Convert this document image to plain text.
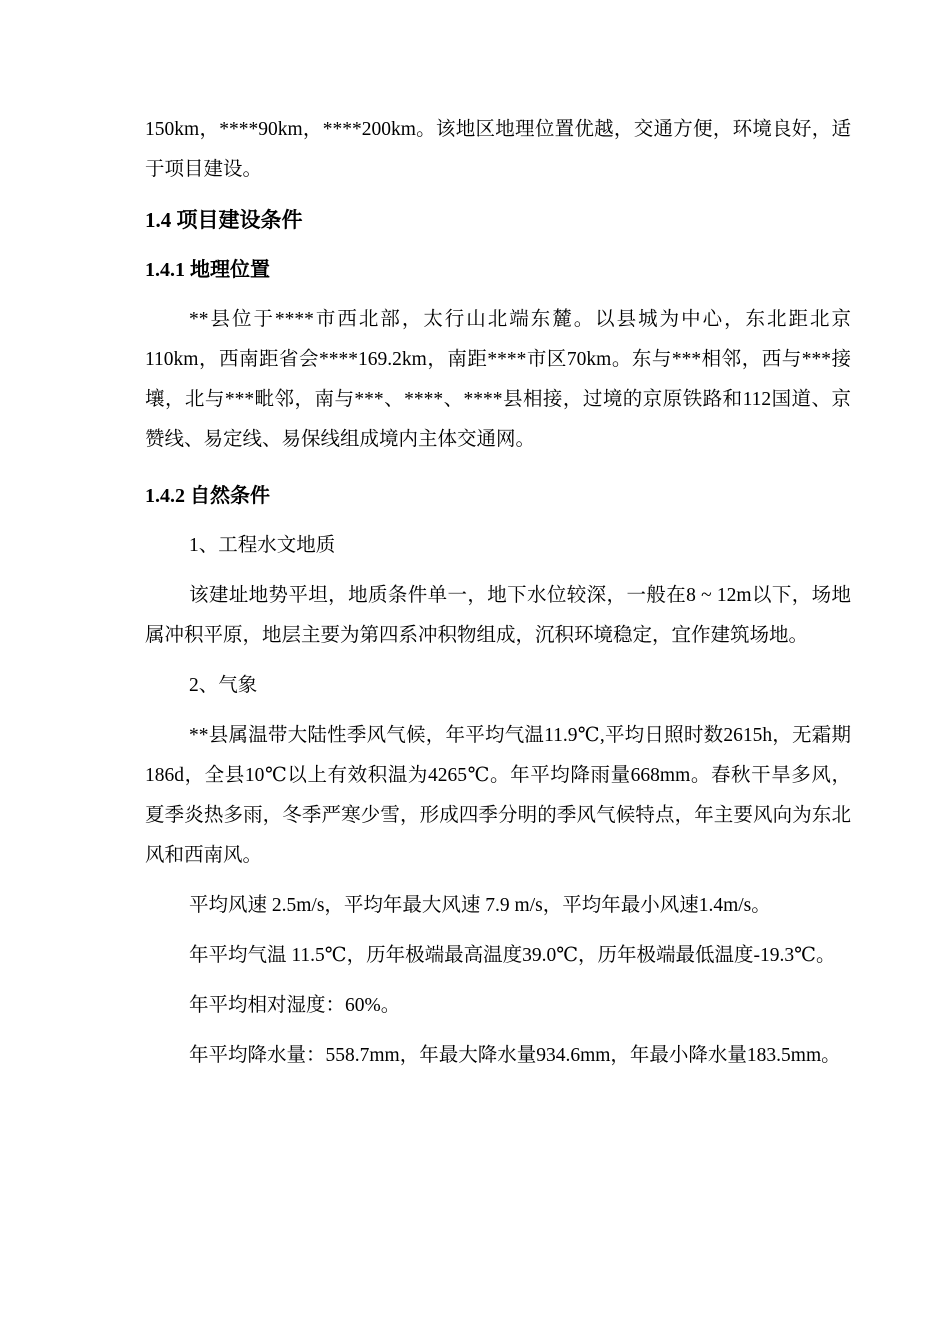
150km，****90km，****200km。该地区地理位置优越，交通方便，环境良好，适于项目建设。

1.4 项目建设条件
1.4.1 地理位置

**县位于****市西北部，太行山北端东麓。以县城为中心，东北距北京110km，西南距省会****169.2km，南距****市区70km。东与***相邻，西与***接壤，北与***毗邻，南与***、****、****县相接，过境的京原铁路和112国道、京赞线、易定线、易保线组成境内主体交通网。

1.4.2 自然条件

1、工程水文地质

该建址地势平坦，地质条件单一，地下水位较深，一般在8 ~ 12m以下，场地属冲积平原，地层主要为第四系冲积物组成，沉积环境稳定，宜作建筑场地。

2、气象

**县属温带大陆性季风气候，年平均气温11.9℃,平均日照时数2615h，无霜期186d，全县10℃以上有效积温为4265℃。年平均降雨量668mm。春秋干旱多风，夏季炎热多雨，冬季严寒少雪，形成四季分明的季风气候特点，年主要风向为东北风和西南风。

平均风速 2.5m/s，平均年最大风速 7.9 m/s，平均年最小风速1.4m/s。

年平均气温 11.5℃，历年极端最高温度39.0℃，历年极端最低温度-19.3℃。

年平均相对湿度：60%。

年平均降水量：558.7mm，年最大降水量934.6mm，年最小降水量183.5mm。
